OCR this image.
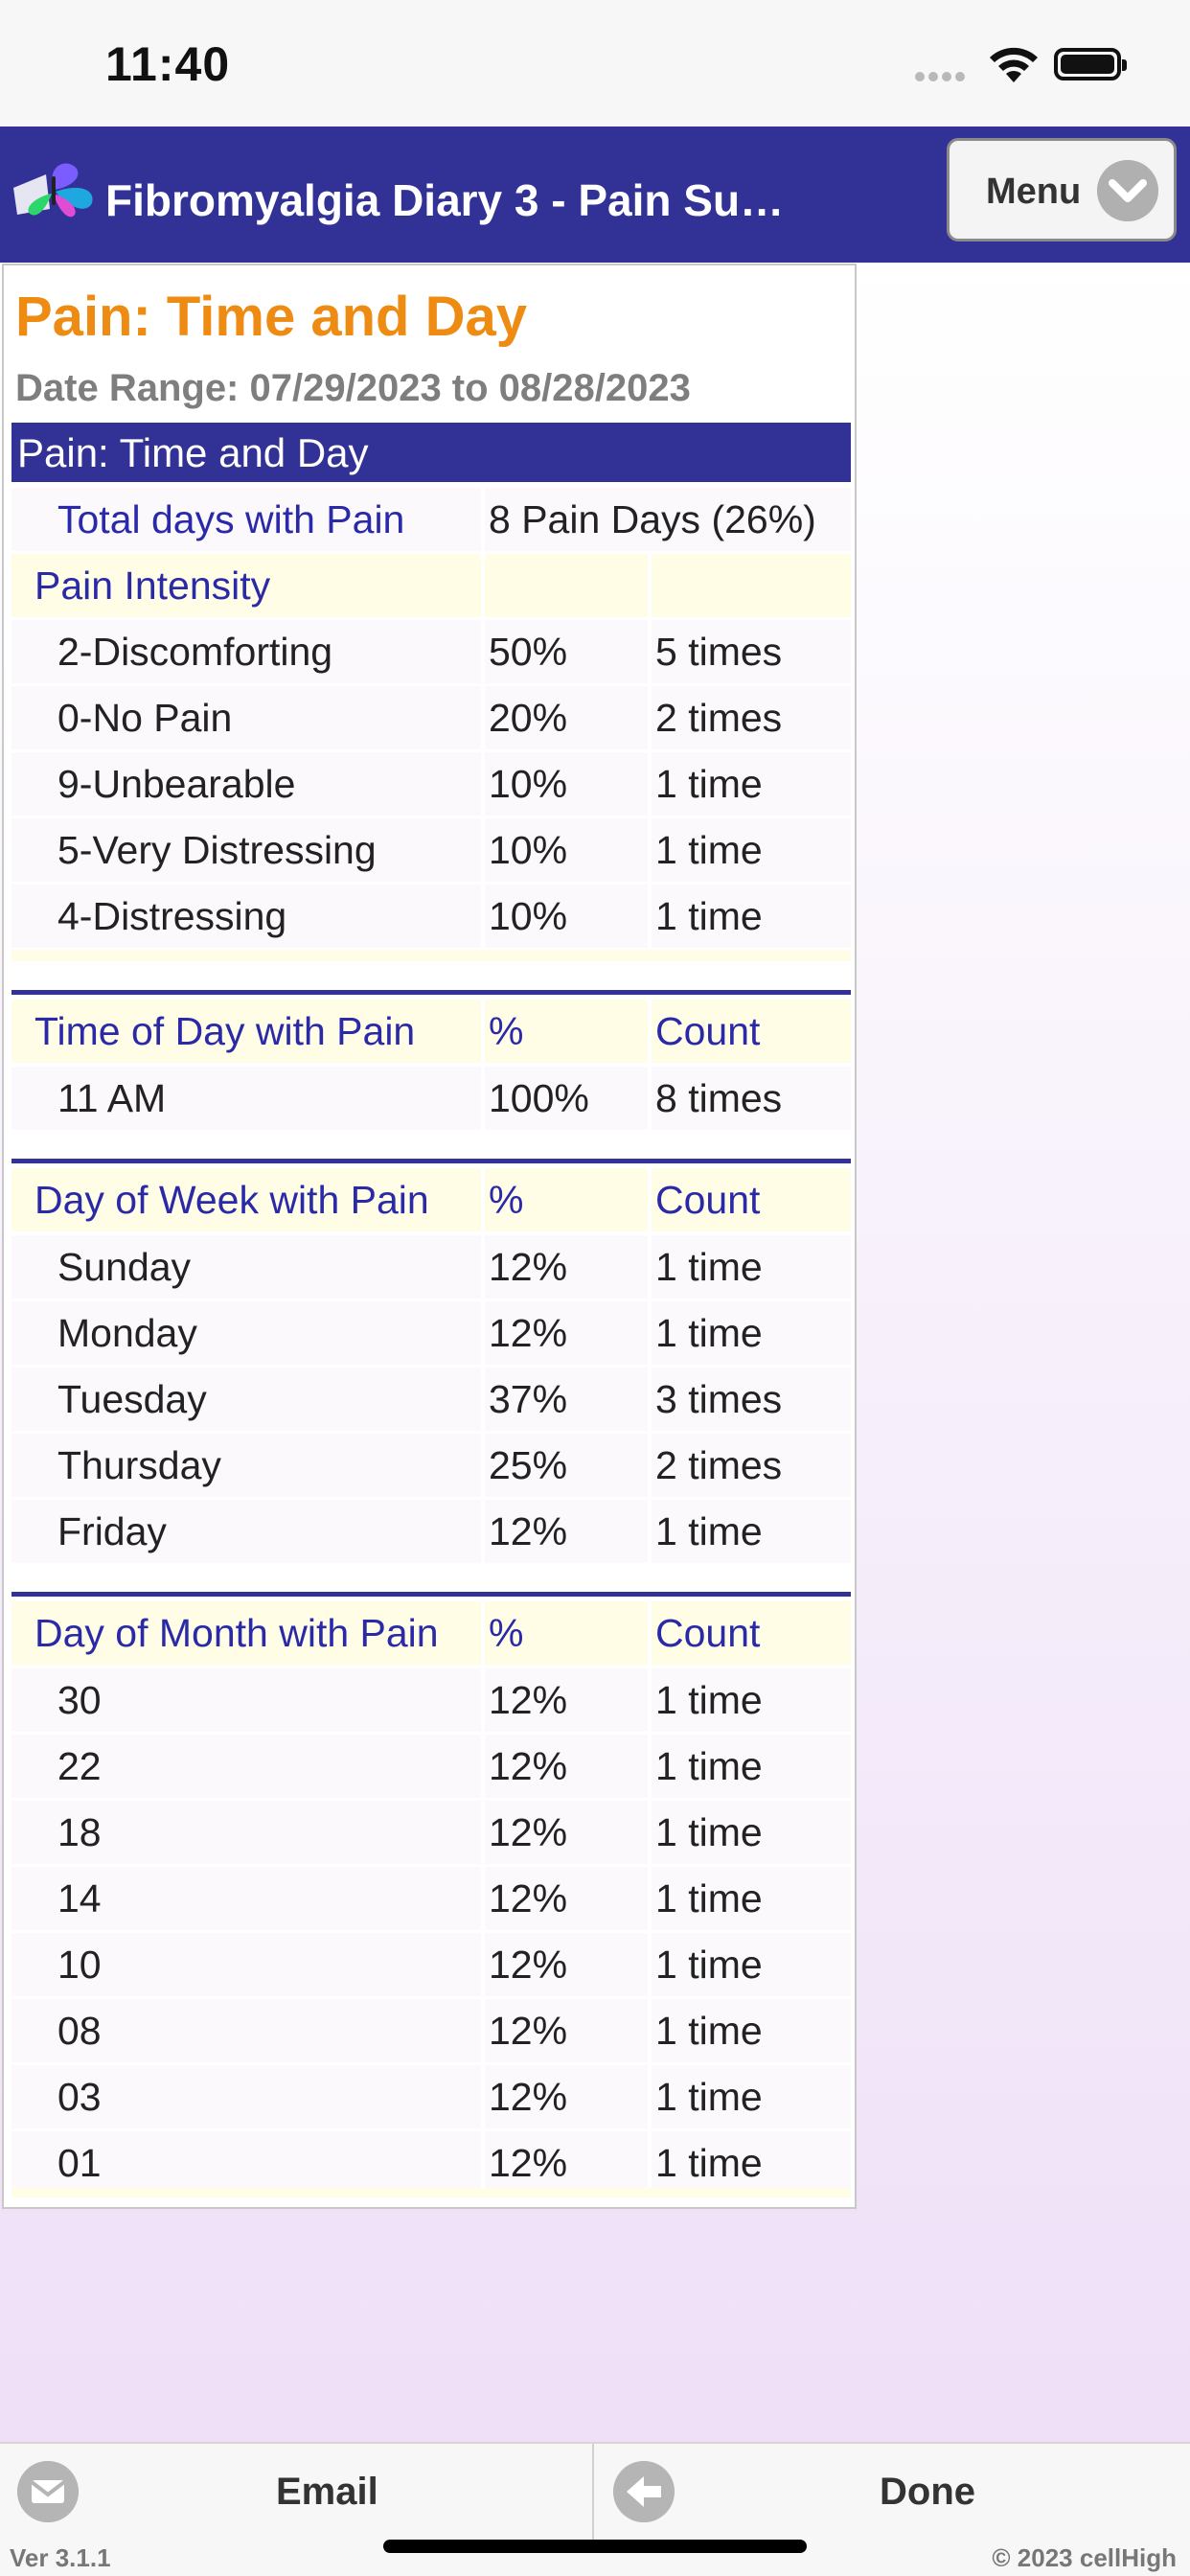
11:40
Fibromyalgia Diary 3 - Pain Su…	Menu
Pain: Time and Day
Date Range: 07/29/2023 to 08/28/2023
Pain: Time and Day
Total days with Pain	8 Pain Days (26%)
Pain Intensity
2-Discomforting	50%	5 times
0-No Pain	20%	2 times
9-Unbearable	10%	1 time
5-Very Distressing	10%	1 time
4-Distressing	10%	1 time
Time of Day with Pain	%	Count
11 AM	100%	8 times
Day of Week with Pain	%	Count
Sunday	12%	1 time
Monday	12%	1 time
Tuesday	37%	3 times
Thursday	25%	2 times
Friday	12%	1 time
Day of Month with Pain	%	Count
30	12%	1 time
22	12%	1 time
18	12%	1 time
14	12%	1 time
10	12%	1 time
08	12%	1 time
03	12%	1 time
01	12%	1 time
Email	Done
Ver 3.1.1	© 2023 cellHigh
